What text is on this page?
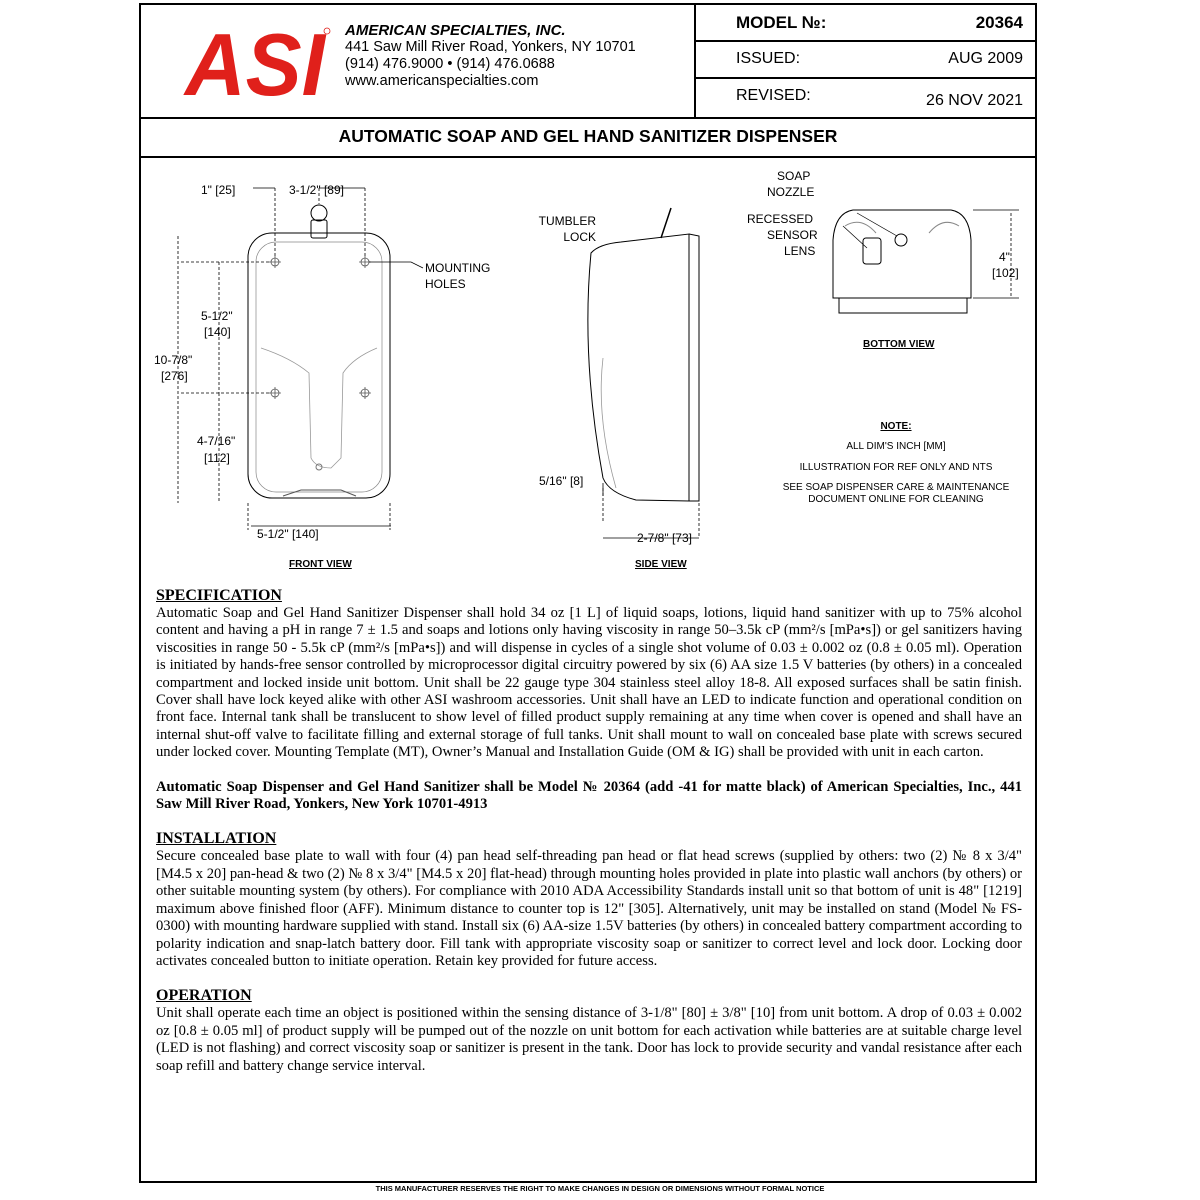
ASI AMERICAN SPECIALTIES, INC.
441 Saw Mill River Road, Yonkers, NY 10701
(914) 476.9000 • (914) 476.0688
www.americanspecialties.com
MODEL №:	20364
ISSUED:	AUG 2009
REVISED:	26 NOV 2021
AUTOMATIC SOAP AND GEL HAND SANITIZER DISPENSER
1" [25]	3-1/2" [89]
MOUNTING
HOLES
5-1/2"
[140]
10-7/8"
[276]
4-7/16"
[112]
5-1/2" [140]
FRONT VIEW
TUMBLER
LOCK
5/16" [8]
2-7/8" [73]
SIDE VIEW
SOAP
NOZZLE
RECESSED
SENSOR
LENS	4"
[102]
BOTTOM VIEW
NOTE:
ALL DIM'S INCH [MM]
ILLUSTRATION FOR REF ONLY AND NTS
SEE SOAP DISPENSER CARE & MAINTENANCE
DOCUMENT ONLINE FOR CLEANING
SPECIFICATION

Automatic Soap and Gel Hand Sanitizer Dispenser shall hold 34 oz [1 L] of liquid soaps, lotions, liquid hand sanitizer with up to 75% alcohol content and having a pH in range 7 ± 1.5 and soaps and lotions only having viscosity in range 50–3.5k cP (mm²/s [mPa•s]) or gel sanitizers having viscosities in range 50 - 5.5k cP (mm²/s [mPa•s]) and will dispense in cycles of a single shot volume of 0.03 ± 0.002 oz (0.8 ± 0.05 ml). Operation is initiated by hands-free sensor controlled by microprocessor digital circuitry powered by six (6) AA size 1.5 V batteries (by others) in a concealed compartment and locked inside unit bottom. Unit shall be 22 gauge type 304 stainless steel alloy 18-8. All exposed surfaces shall be satin finish. Cover shall have lock keyed alike with other ASI washroom accessories. Unit shall have an LED to indicate function and operational condition on front face. Internal tank shall be translucent to show level of filled product supply remaining at any time when cover is opened and shall have an internal shut-off valve to facilitate filling and external storage of full tanks. Unit shall mount to wall on concealed base plate with screws secured under locked cover. Mounting Template (MT), Owner’s Manual and Installation Guide (OM & IG) shall be provided with unit in each carton.

Automatic Soap Dispenser and Gel Hand Sanitizer shall be Model № 20364 (add -41 for matte black) of American Specialties, Inc., 441 Saw Mill River Road, Yonkers, New York 10701-4913

INSTALLATION

Secure concealed base plate to wall with four (4) pan head self-threading pan head or flat head screws (supplied by others: two (2) № 8 x 3/4" [M4.5 x 20] pan-head & two (2) № 8 x 3/4" [M4.5 x 20] flat-head) through mounting holes provided in plate into plastic wall anchors (by others) or other suitable mounting system (by others). For compliance with 2010 ADA Accessibility Standards install unit so that bottom of unit is 48" [1219] maximum above finished floor (AFF). Minimum distance to counter top is 12" [305]. Alternatively, unit may be installed on stand (Model № FS-0300) with mounting hardware supplied with stand. Install six (6) AA-size 1.5V batteries (by others) in concealed battery compartment according to polarity indication and snap-latch battery door. Fill tank with appropriate viscosity soap or sanitizer to correct level and lock door. Locking door activates concealed button to initiate operation. Retain key provided for future access.

OPERATION

Unit shall operate each time an object is positioned within the sensing distance of 3-1/8" [80] ± 3/8" [10] from unit bottom. A drop of 0.03 ± 0.002 oz [0.8 ± 0.05 ml] of product supply will be pumped out of the nozzle on unit bottom for each activation while batteries are at suitable charge level (LED is not flashing) and correct viscosity soap or sanitizer is present in the tank. Door has lock to provide security and vandal resistance after each soap refill and battery change service interval.

THIS MANUFACTURER RESERVES THE RIGHT TO MAKE CHANGES IN DESIGN OR DIMENSIONS WITHOUT FORMAL NOTICE
